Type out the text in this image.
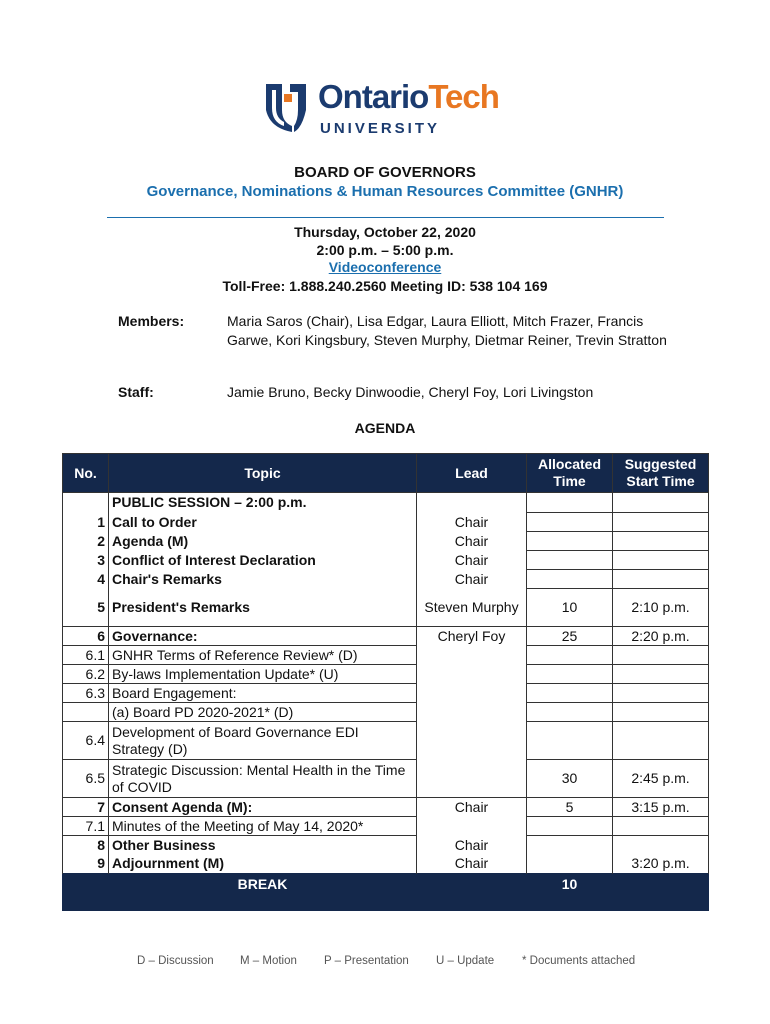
OntarioTech
UNIVERSITY
BOARD OF GOVERNORS
Governance, Nominations & Human Resources Committee (GNHR)
Thursday, October 22, 2020
2:00 p.m. – 5:00 p.m.
Videoconference
Toll-Free: 1.888.240.2560 Meeting ID: 538 104 169
Members:	Maria Saros (Chair), Lisa Edgar, Laura Elliott, Mitch Frazer, Francis Garwe, Kori Kingsbury, Steven Murphy, Dietmar Reiner, Trevin Stratton
Staff:	Jamie Bruno, Becky Dinwoodie, Cheryl Foy, Lori Livingston
AGENDA
No.	Topic	Lead	Allocated Time	Suggested Start Time
	PUBLIC SESSION – 2:00 p.m.			
1	Call to Order	Chair		
2	Agenda (M)	Chair		
3	Conflict of Interest Declaration	Chair		
4	Chair's Remarks	Chair		
5	President's Remarks	Steven Murphy	10	2:10 p.m.
6	Governance:	Cheryl Foy	25	2:20 p.m.
6.1	GNHR Terms of Reference Review* (D)			
6.2	By-laws Implementation Update* (U)			
6.3	Board Engagement:			
	(a) Board PD 2020-2021* (D)			
6.4	Development of Board Governance EDI Strategy (D)			
6.5	Strategic Discussion: Mental Health in the Time of COVID		30	2:45 p.m.
7	Consent Agenda (M):	Chair	5	3:15 p.m.
7.1	Minutes of the Meeting of May 14, 2020*			
8	Other Business	Chair		
9	Adjournment (M)	Chair		3:20 p.m.
	BREAK		10	
D – Discussion M – Motion P – Presentation U – Update * Documents attached
